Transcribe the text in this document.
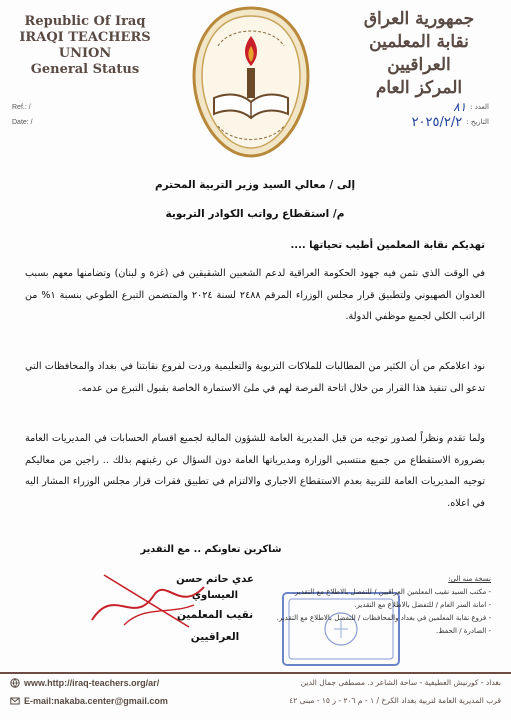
Republic Of Iraq
IRAQI TEACHERS UNION
General Status
جمهورية العراق
نقابة المعلمين العراقيين
المركز العام
Ref.: /
Date: /
العدد :
٨١
التاريخ :
٢٠٢٥/٢/٢
إلى / معالي السيد وزير التربية المحترم
م/ استقطاع رواتب الكوادر التربوية
تهديكم نقابة المعلمين أطيب تحياتها ....
في الوقت الذي نثمن فيه جهود الحكومة العراقية لدعم الشعبين الشقيقين في (غزة و لبنان) وتضامنها معهم بسبب العدوان الصهيوني ولتطبيق قرار مجلس الوزراء المرقم ٢٤٨٨ لسنة ٢٠٢٤ والمتضمن التبرع الطوعي بنسبة ١% من الراتب الكلي لجميع موظفي الدولة.
نود اعلامكم من أن الكثير من المطالبات للملاكات التربوية والتعليمية وردت لفروع نقابتنا في بغداد والمحافظات التي تدعو الى تنفيذ هذا القرار من خلال اتاحة الفرصة لهم في ملئ الاستمارة الخاصة بقبول التبرع من عدمه.
ولما تقدم ونظراً لصدور توجيه من قبل المديرية العامة للشؤون المالية لجميع اقسام الحسابات في المديريات العامة بضرورة الاستقطاع من جميع منتسبي الوزارة ومديرياتها العامة دون السؤال عن رغبتهم بذلك .. راجين من معاليكم توجيه المديريات العامة للتربية بعدم الاستقطاع الاجباري والالتزام في تطبيق فقرات قرار مجلس الوزراء المشار اليه في اعلاه.
شاكرين تعاونكم .. مع التقدير
عدي حاتم حسن العيساوي
نقيب المعلمين العراقيين
نسخة منه الى:
- مكتب السيد نقيب المعلمين العراقيين / للتفضل بالاطلاع مع التقدير.
- امانة السر العام / للتفضل بالاطلاع مع التقدير.
- فروع نقابة المعلمين في بغداد والمحافظات / للتفضل بالاطلاع مع التقدير.
- الصادرة / الحفظ.
www.http://iraq-teachers.org/ar/
E-mail:nakaba.center@gmail.com
بغداد - كورنيش العطيفية - ساحة الشاعر د. مصطفى جمال الدين
قرب المديرية العامة لتربية بغداد الكرخ / ١ - م ٢٠٦ - ز ١٥ - مبنى ٤٢
